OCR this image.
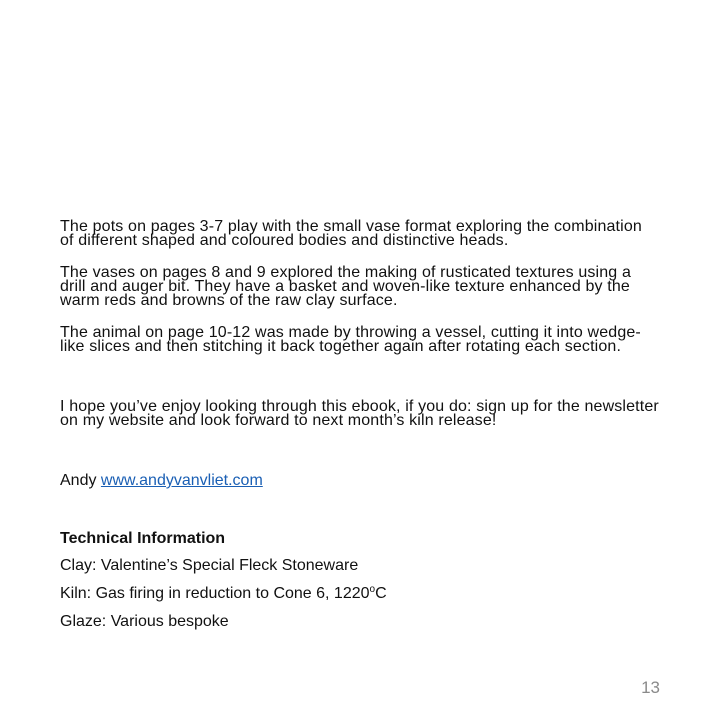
The pots on pages 3-7 play with the small vase format exploring the combination of different shaped and coloured bodies and distinctive heads.

The vases on pages 8 and 9 explored the making of rusticated textures using a drill and auger bit. They have a basket and woven-like texture enhanced by the warm reds and browns of the raw clay surface.

The animal on page 10-12 was made by throwing a vessel, cutting it into wedge-like slices and then stitching it back together again after rotating each section.

I hope you’ve enjoy looking through this ebook, if you do: sign up for the newsletter on my website and look forward to next month’s kiln release!

Andy www.andyvanvliet.com

Technical Information

Clay: Valentine’s Special Fleck Stoneware

Kiln: Gas firing in reduction to Cone 6, 1220$^o$C

Glaze: Various bespoke

13
